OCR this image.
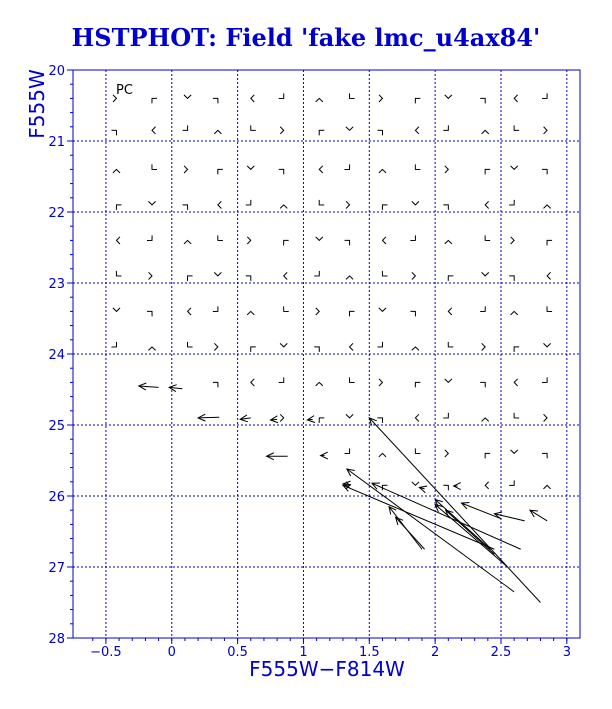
−0.5	0	0.5	1	1.5	2	2.5	3
20
21
22
23
24
25
26
27
28
HSTPHOT: Field 'fake lmc_u4ax84'
F555W−F814W
F555W	PC
